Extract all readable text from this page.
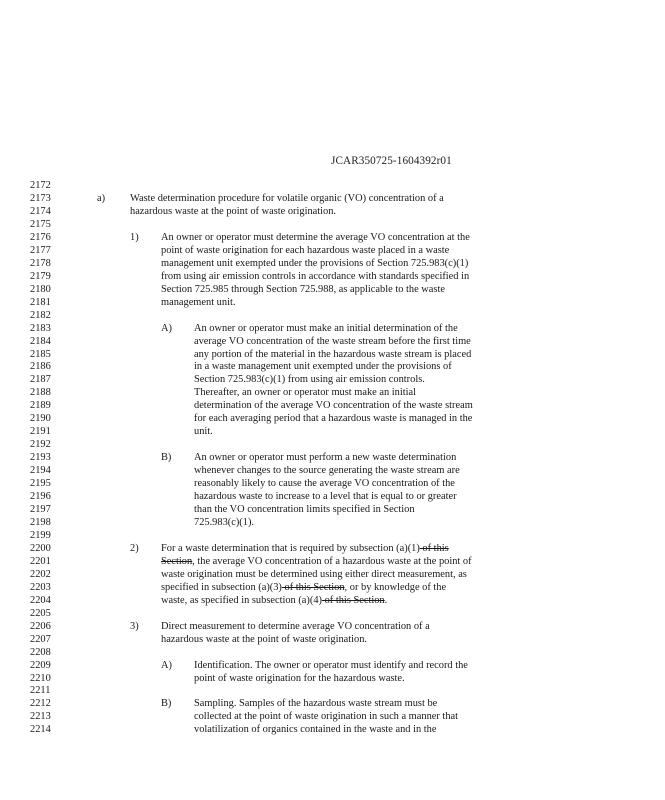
JCAR350725-1604392r01
2172
2173	a) Waste determination procedure for volatile organic (VO) concentration of a
2174	hazardous waste at the point of waste origination.
2175
2176	1) An owner or operator must determine the average VO concentration at the
2177	point of waste origination for each hazardous waste placed in a waste
2178	management unit exempted under the provisions of Section 725.983(c)(1)
2179	from using air emission controls in accordance with standards specified in
2180	Section 725.985 through Section 725.988, as applicable to the waste
2181	management unit.
2182
2183	A) An owner or operator must make an initial determination of the
2184	average VO concentration of the waste stream before the first time
2185	any portion of the material in the hazardous waste stream is placed
2186	in a waste management unit exempted under the provisions of
2187	Section 725.983(c)(1) from using air emission controls.
2188	Thereafter, an owner or operator must make an initial
2189	determination of the average VO concentration of the waste stream
2190	for each averaging period that a hazardous waste is managed in the
2191	unit.
2192
2193	B) An owner or operator must perform a new waste determination
2194	whenever changes to the source generating the waste stream are
2195	reasonably likely to cause the average VO concentration of the
2196	hazardous waste to increase to a level that is equal to or greater
2197	than the VO concentration limits specified in Section
2198	725.983(c)(1).
2199
2200	2) For a waste determination that is required by subsection (a)(1) of this
2201	Section, the average VO concentration of a hazardous waste at the point of
2202	waste origination must be determined using either direct measurement, as
2203	specified in subsection (a)(3) of this Section, or by knowledge of the
2204	waste, as specified in subsection (a)(4) of this Section.
2205
2206	3) Direct measurement to determine average VO concentration of a
2207	hazardous waste at the point of waste origination.
2208
2209	A) Identification. The owner or operator must identify and record the
2210	point of waste origination for the hazardous waste.
2211
2212	B) Sampling. Samples of the hazardous waste stream must be
2213	collected at the point of waste origination in such a manner that
2214	volatilization of organics contained in the waste and in the
